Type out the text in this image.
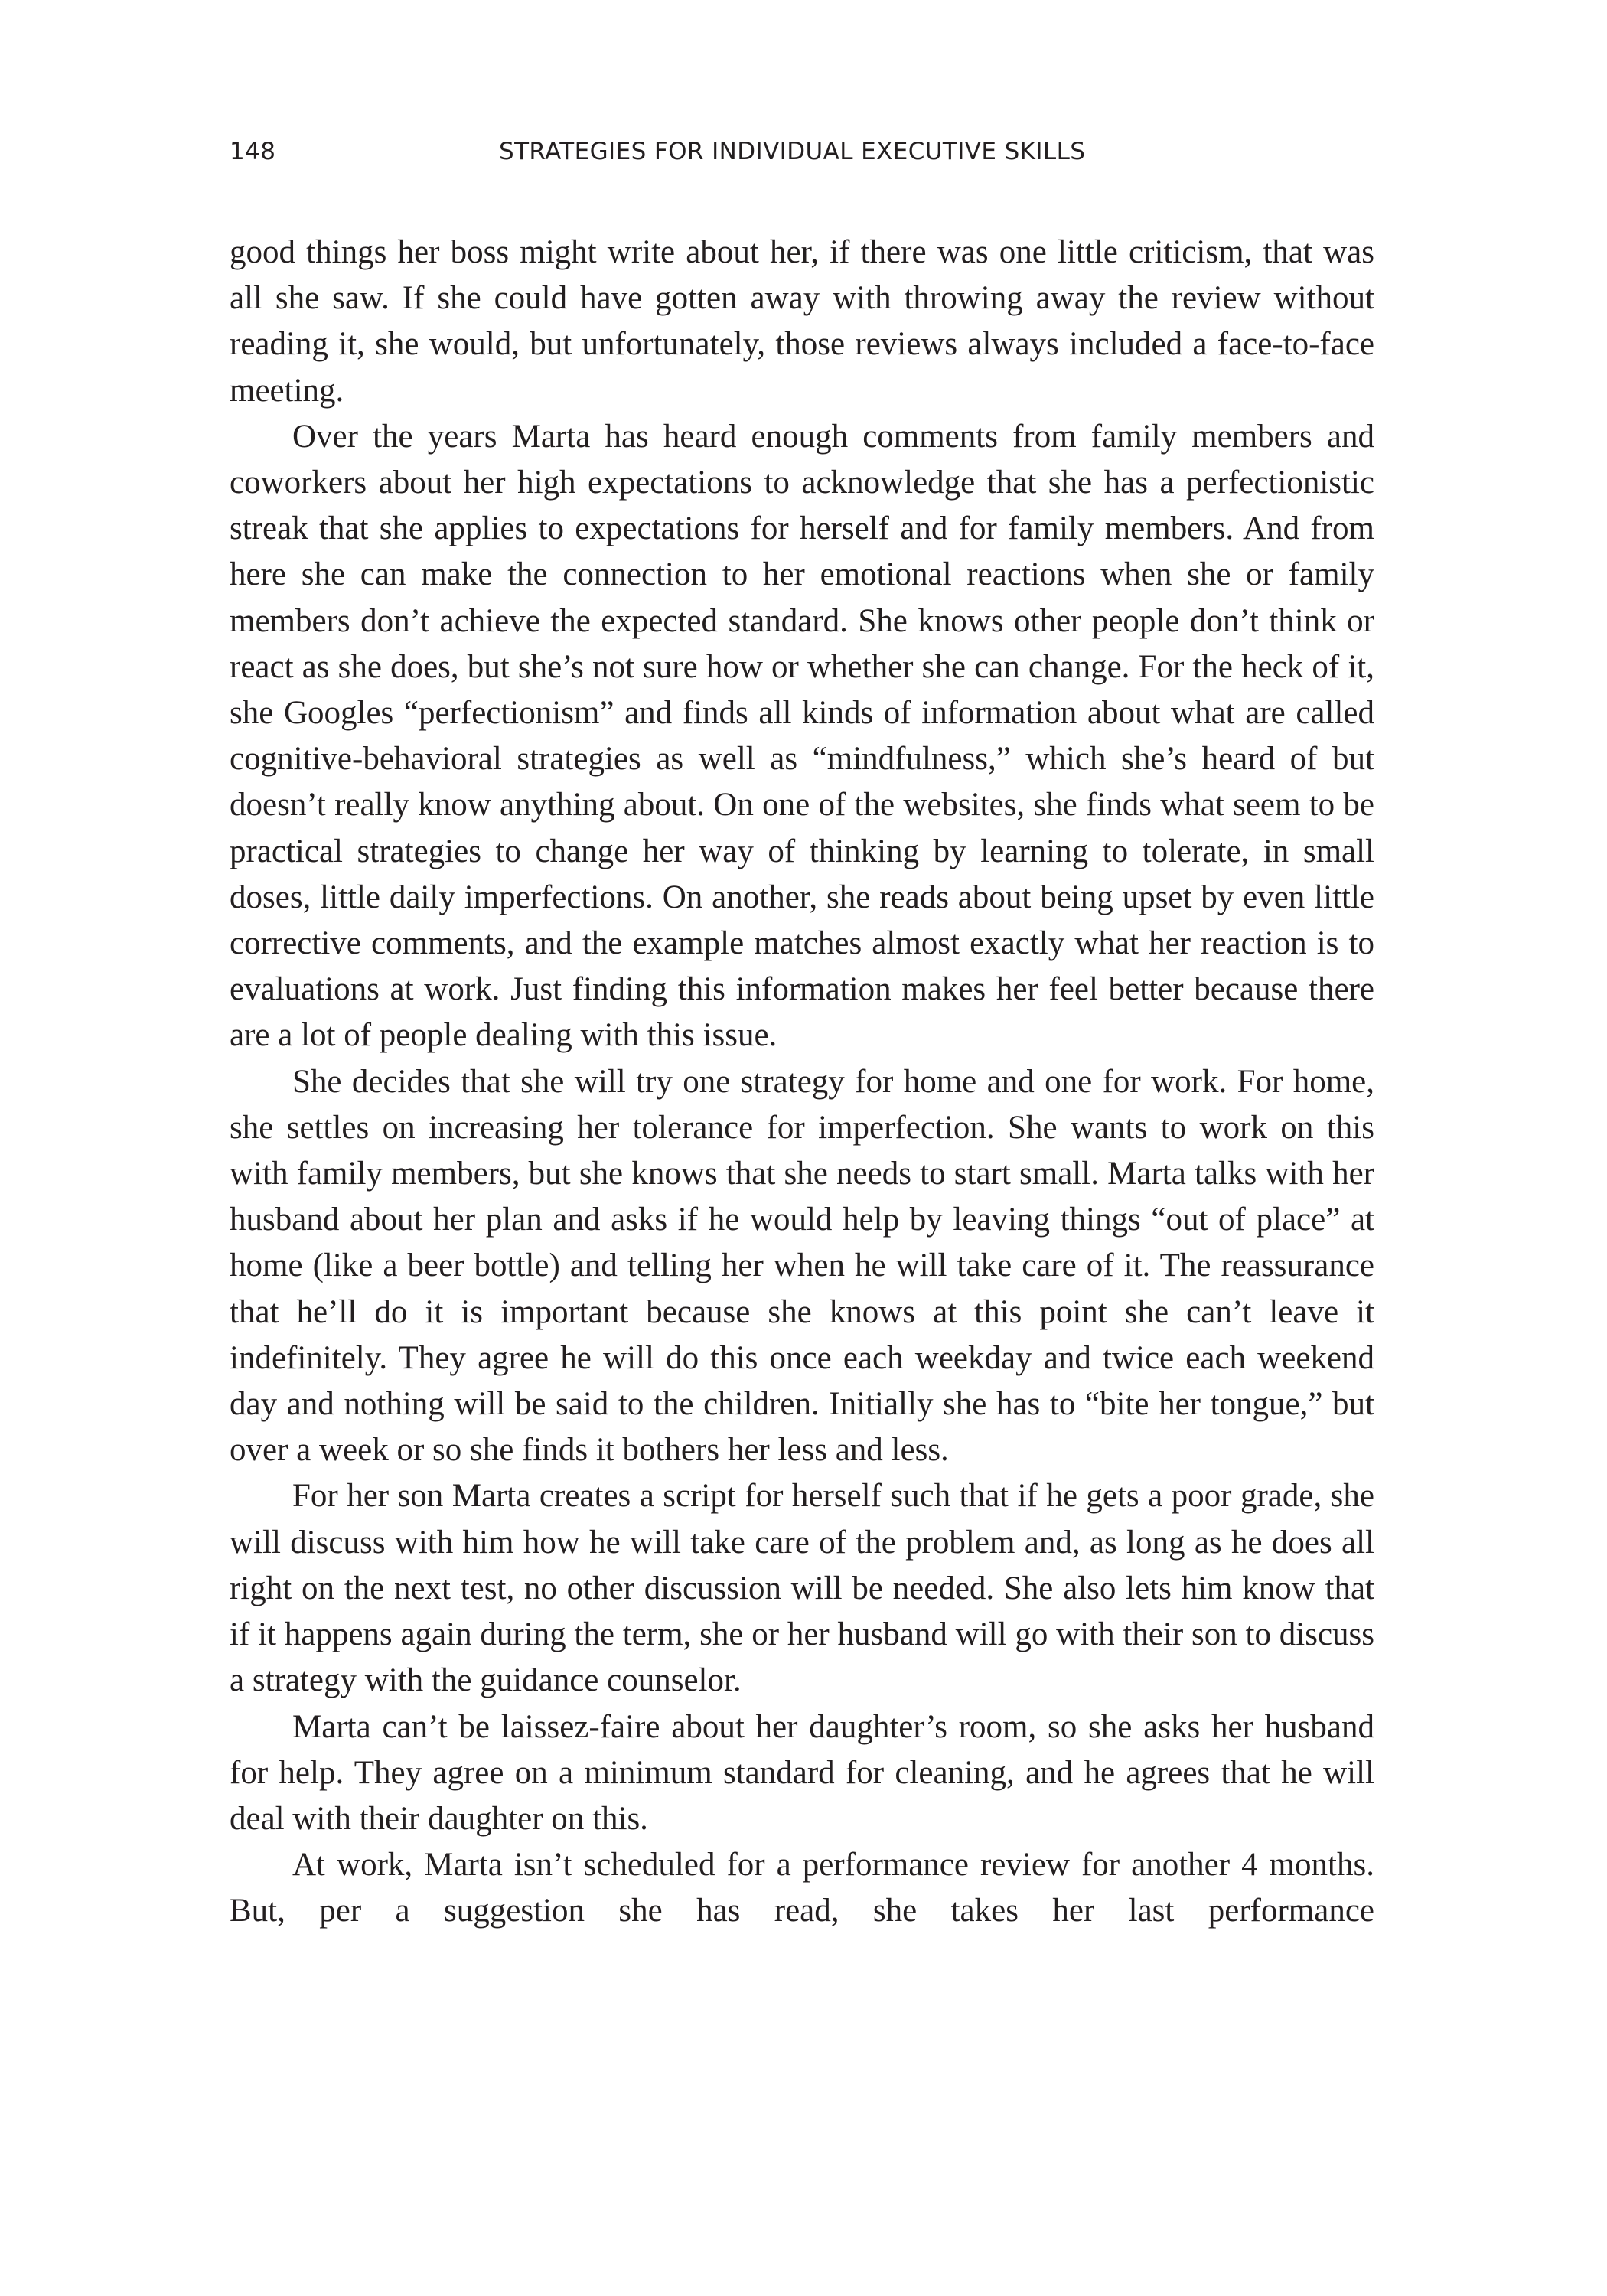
148	STRATEGIES FOR INDIVIDUAL EXECUTIVE SKILLS

good things her boss might write about her, if there was one little criticism, that was all she saw. If she could have gotten away with throwing away the review without reading it, she would, but unfortunately, those reviews always included a face-to-face meeting.

Over the years Marta has heard enough comments from family members and coworkers about her high expectations to acknowledge that she has a perfectionistic streak that she applies to expectations for herself and for family members. And from here she can make the connection to her emotional reactions when she or family members don’t achieve the expected standard. She knows other people don’t think or react as she does, but she’s not sure how or whether she can change. For the heck of it, she Googles “perfectionism” and finds all kinds of information about what are called cognitive-behavioral strategies as well as “mindfulness,” which she’s heard of but doesn’t really know anything about. On one of the websites, she finds what seem to be practical strategies to change her way of thinking by learning to tolerate, in small doses, little daily imperfections. On another, she reads about being upset by even little corrective comments, and the example matches almost exactly what her reaction is to evaluations at work. Just finding this information makes her feel better because there are a lot of people dealing with this issue.

She decides that she will try one strategy for home and one for work. For home, she settles on increasing her tolerance for imperfection. She wants to work on this with family members, but she knows that she needs to start small. Marta talks with her husband about her plan and asks if he would help by leaving things “out of place” at home (like a beer bottle) and telling her when he will take care of it. The reassurance that he’ll do it is important because she knows at this point she can’t leave it indefinitely. They agree he will do this once each weekday and twice each weekend day and nothing will be said to the children. Initially she has to “bite her tongue,” but over a week or so she finds it bothers her less and less.

For her son Marta creates a script for herself such that if he gets a poor grade, she will discuss with him how he will take care of the problem and, as long as he does all right on the next test, no other discussion will be needed. She also lets him know that if it happens again during the term, she or her husband will go with their son to discuss a strategy with the guidance counselor.

Marta can’t be laissez-faire about her daughter’s room, so she asks her husband for help. They agree on a minimum standard for cleaning, and he agrees that he will deal with their daughter on this.

At work, Marta isn’t scheduled for a performance review for another 4 months. But, per a suggestion she has read, she takes her last performance
